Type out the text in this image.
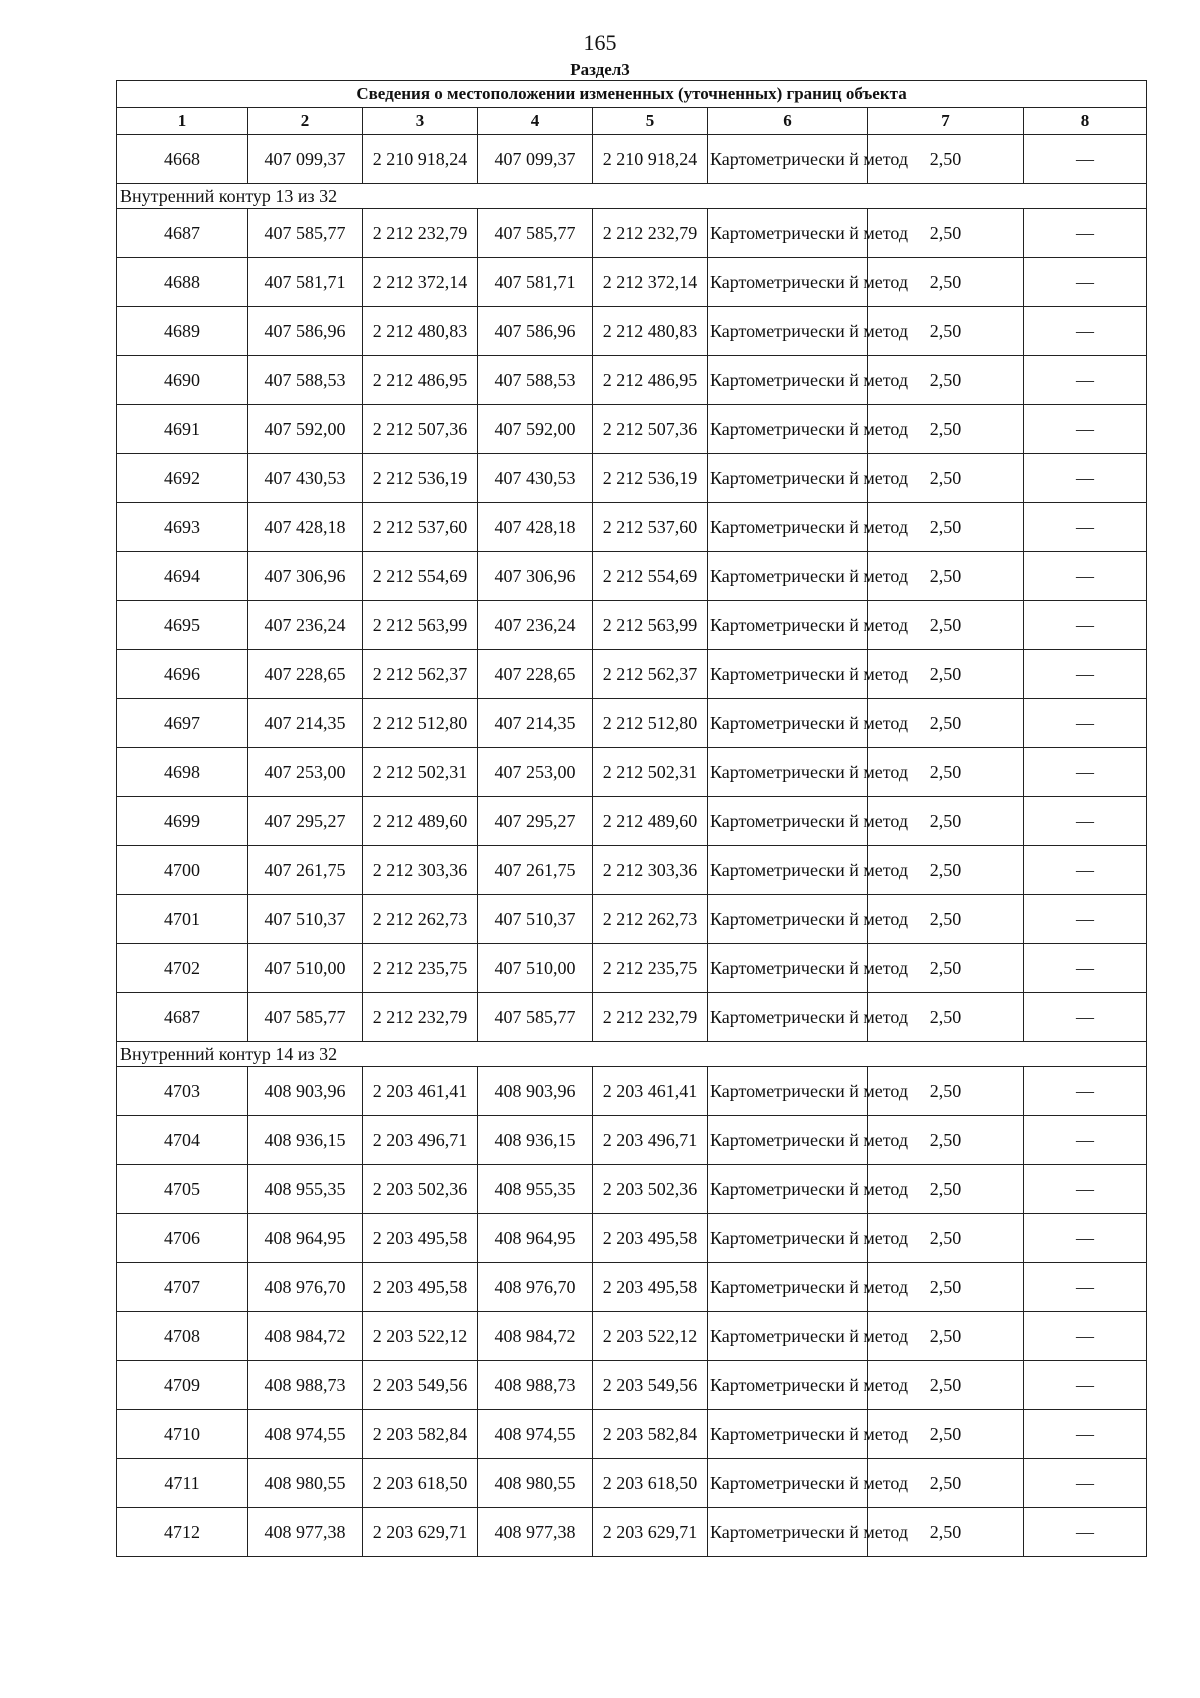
165
Раздел3
Сведения о местоположении измененных (уточненных) границ объекта							
1	2	3	4	5	6	7	8
4668	407 099,37	2 210 918,24	407 099,37	2 210 918,24	Картометрически й метод	2,50	—
Внутренний контур 13 из 32							
4687	407 585,77	2 212 232,79	407 585,77	2 212 232,79	Картометрически й метод	2,50	—
4688	407 581,71	2 212 372,14	407 581,71	2 212 372,14	Картометрически й метод	2,50	—
4689	407 586,96	2 212 480,83	407 586,96	2 212 480,83	Картометрически й метод	2,50	—
4690	407 588,53	2 212 486,95	407 588,53	2 212 486,95	Картометрически й метод	2,50	—
4691	407 592,00	2 212 507,36	407 592,00	2 212 507,36	Картометрически й метод	2,50	—
4692	407 430,53	2 212 536,19	407 430,53	2 212 536,19	Картометрически й метод	2,50	—
4693	407 428,18	2 212 537,60	407 428,18	2 212 537,60	Картометрически й метод	2,50	—
4694	407 306,96	2 212 554,69	407 306,96	2 212 554,69	Картометрически й метод	2,50	—
4695	407 236,24	2 212 563,99	407 236,24	2 212 563,99	Картометрически й метод	2,50	—
4696	407 228,65	2 212 562,37	407 228,65	2 212 562,37	Картометрически й метод	2,50	—
4697	407 214,35	2 212 512,80	407 214,35	2 212 512,80	Картометрически й метод	2,50	—
4698	407 253,00	2 212 502,31	407 253,00	2 212 502,31	Картометрически й метод	2,50	—
4699	407 295,27	2 212 489,60	407 295,27	2 212 489,60	Картометрически й метод	2,50	—
4700	407 261,75	2 212 303,36	407 261,75	2 212 303,36	Картометрически й метод	2,50	—
4701	407 510,37	2 212 262,73	407 510,37	2 212 262,73	Картометрически й метод	2,50	—
4702	407 510,00	2 212 235,75	407 510,00	2 212 235,75	Картометрически й метод	2,50	—
4687	407 585,77	2 212 232,79	407 585,77	2 212 232,79	Картометрически й метод	2,50	—
Внутренний контур 14 из 32							
4703	408 903,96	2 203 461,41	408 903,96	2 203 461,41	Картометрически й метод	2,50	—
4704	408 936,15	2 203 496,71	408 936,15	2 203 496,71	Картометрически й метод	2,50	—
4705	408 955,35	2 203 502,36	408 955,35	2 203 502,36	Картометрически й метод	2,50	—
4706	408 964,95	2 203 495,58	408 964,95	2 203 495,58	Картометрически й метод	2,50	—
4707	408 976,70	2 203 495,58	408 976,70	2 203 495,58	Картометрически й метод	2,50	—
4708	408 984,72	2 203 522,12	408 984,72	2 203 522,12	Картометрически й метод	2,50	—
4709	408 988,73	2 203 549,56	408 988,73	2 203 549,56	Картометрически й метод	2,50	—
4710	408 974,55	2 203 582,84	408 974,55	2 203 582,84	Картометрически й метод	2,50	—
4711	408 980,55	2 203 618,50	408 980,55	2 203 618,50	Картометрически й метод	2,50	—
4712	408 977,38	2 203 629,71	408 977,38	2 203 629,71	Картометрически й метод	2,50	—
